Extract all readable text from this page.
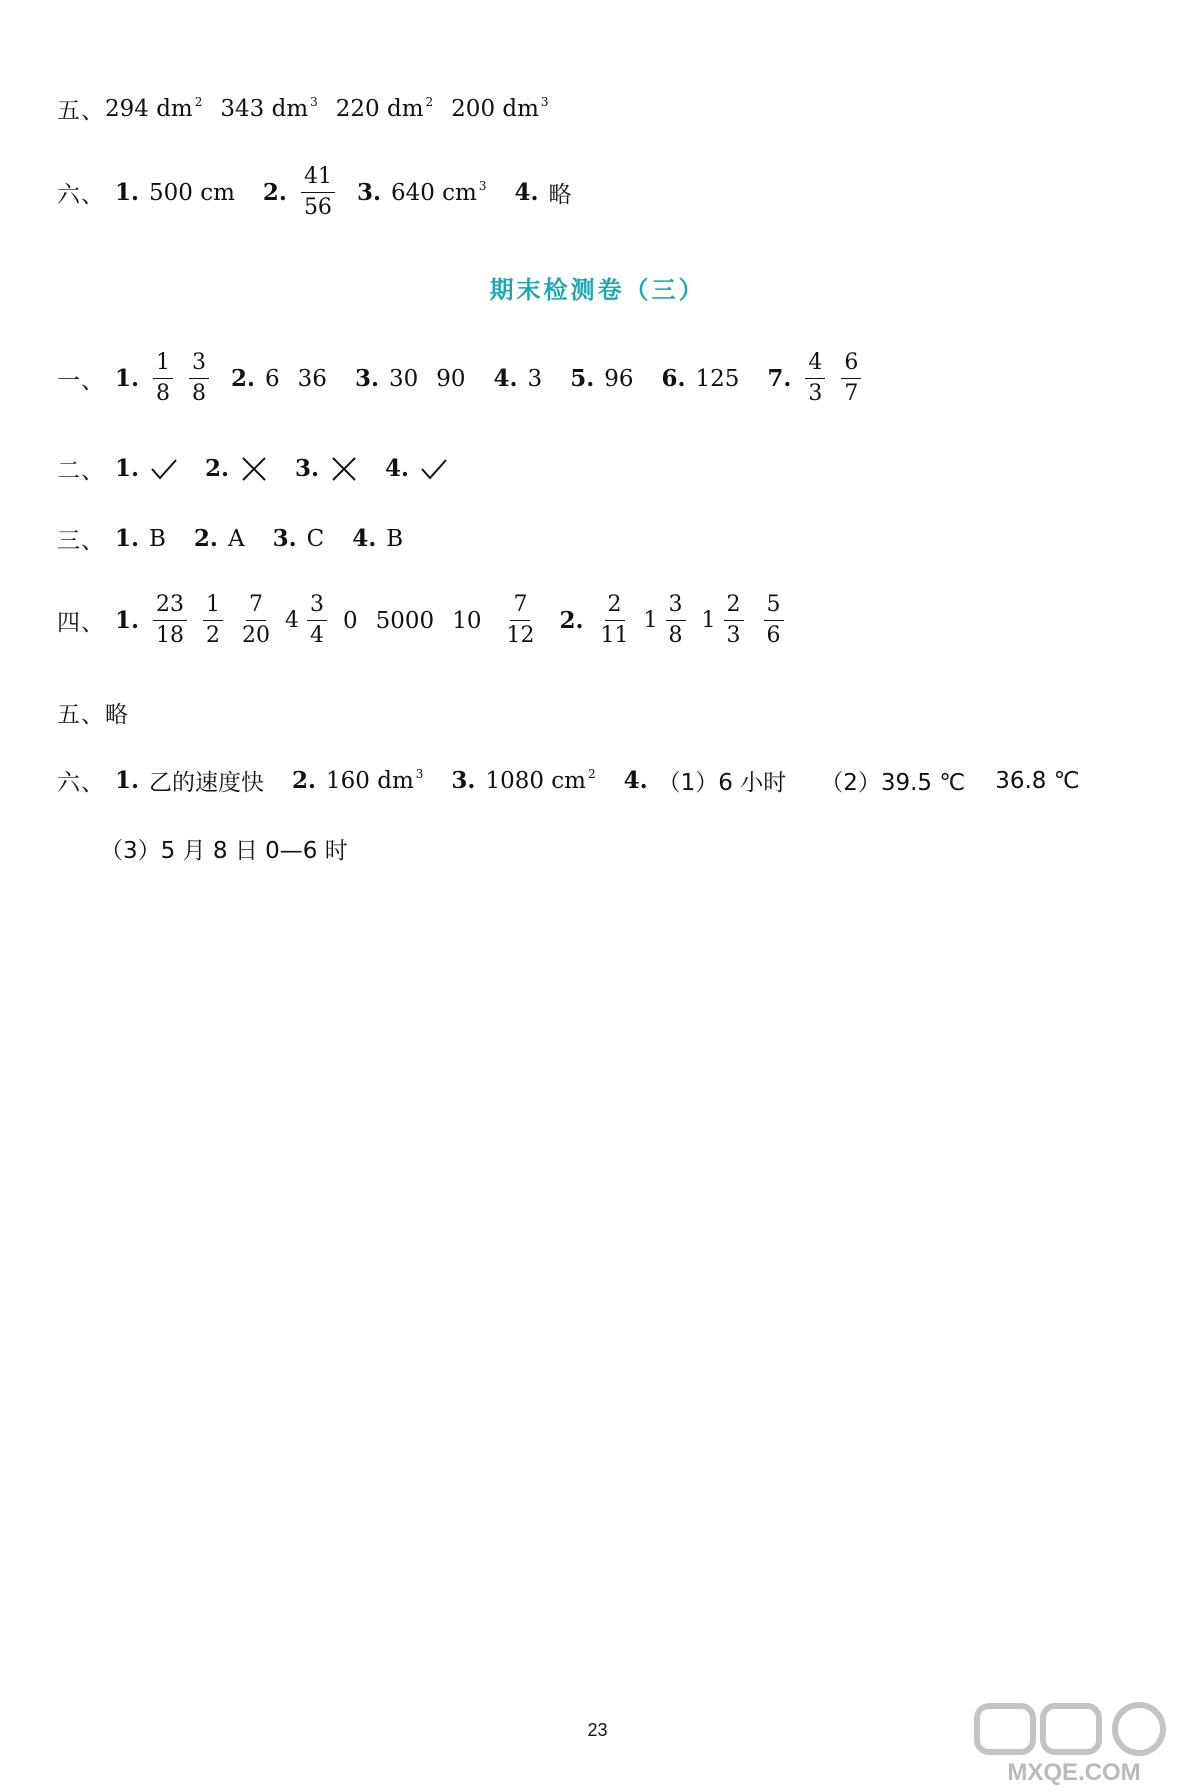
五、 294 dm $^2$ 343 dm $^3$ 220 dm $^2$ 200 dm $^3$
六、 1. 500 cm 2. $\frac{41}{56} 3$. 640 cm $^3$ 4. 略
期末检测卷（三）
一、 1. $\frac{1}{8} \frac{3}{8} 2$. 6 36 3. 30 90 4. 3 5. 96 6. 125 7. $\frac{4}{3} \frac{6}{7}$
二、 1.	2.	3.	4.
三、 1. B 2. A 3. C 4. B
四、 1. $\frac{23}{18} \frac{1}{2} \frac{7}{20} 4 \frac{3}{4} 0$ 5000 $10 \frac{7}{12} 2$. $\frac{2}{11} 1 \frac{3}{8} 1 \frac{2}{3} \frac{5}{6}$
五、 略
六、 1. 乙的速度快 2. 160 dm $^3$ 3. 1080 cm $^2$ 4. （1）6 小时 （2）39.5 ℃ 36.8 ℃
（3）5 月 8 日 0—6 时
23
MXQE.COM
